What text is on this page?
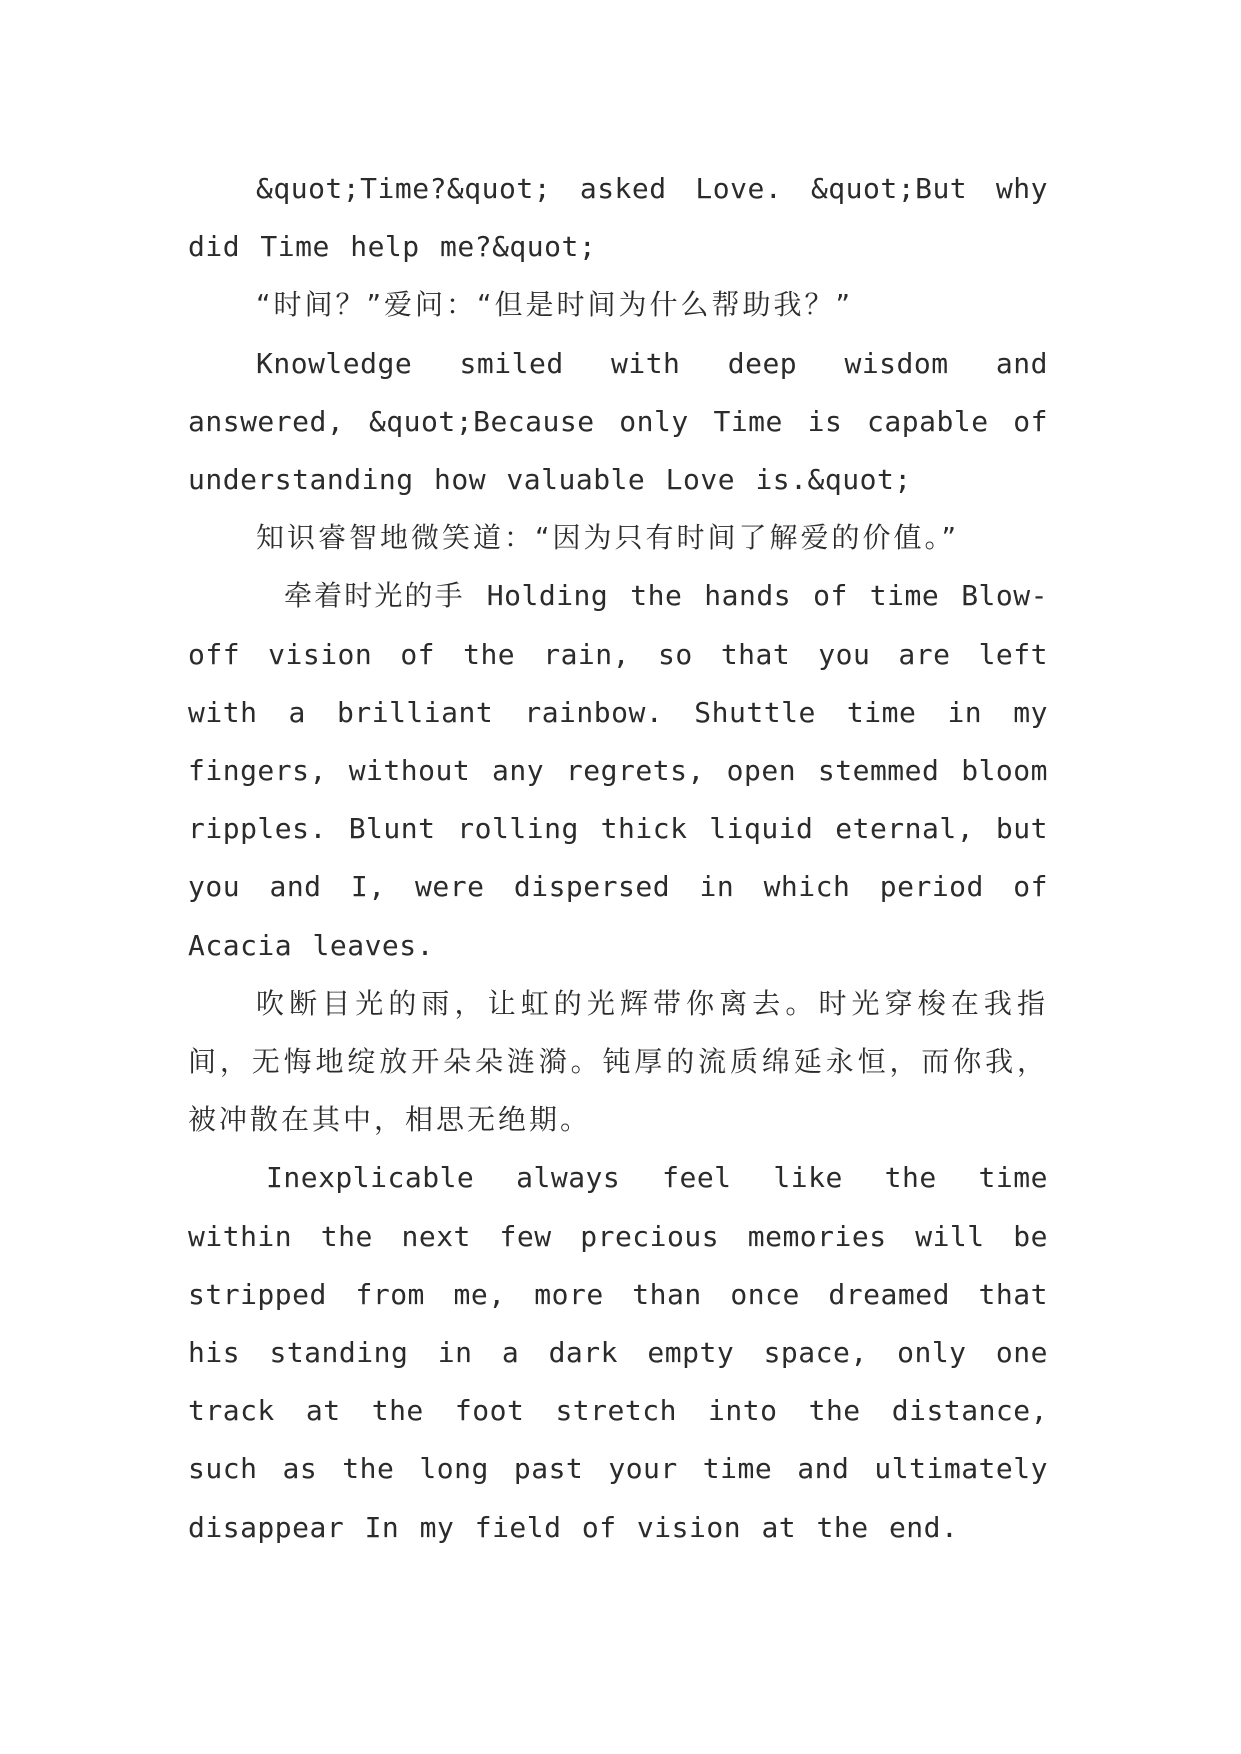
&quot;Time?&quot; asked Love. &quot;But why did Time help me?&quot;

“时间？”爱问：“但是时间为什么帮助我？”

Knowledge smiled with deep wisdom and answered, &quot;Because only Time is capable of understanding how valuable Love is.&quot;

知识睿智地微笑道：“因为只有时间了解爱的价值。”

牵着时光的手 Holding the hands of time Blow-off vision of the rain, so that you are left with a brilliant rainbow. Shuttle time in my fingers, without any regrets, open stemmed bloom ripples. Blunt rolling thick liquid eternal, but you and I, were dispersed in which period of Acacia leaves.

吹断目光的雨，让虹的光辉带你离去。时光穿梭在我指间，无悔地绽放开朵朵涟漪。钝厚的流质绵延永恒，而你我，被冲散在其中，相思无绝期。

Inexplicable always feel like the time within the next few precious memories will be stripped from me, more than once dreamed that his standing in a dark empty space, only one track at the foot stretch into the distance, such as the long past your time and ultimately disappear In my field of vision at the end.
